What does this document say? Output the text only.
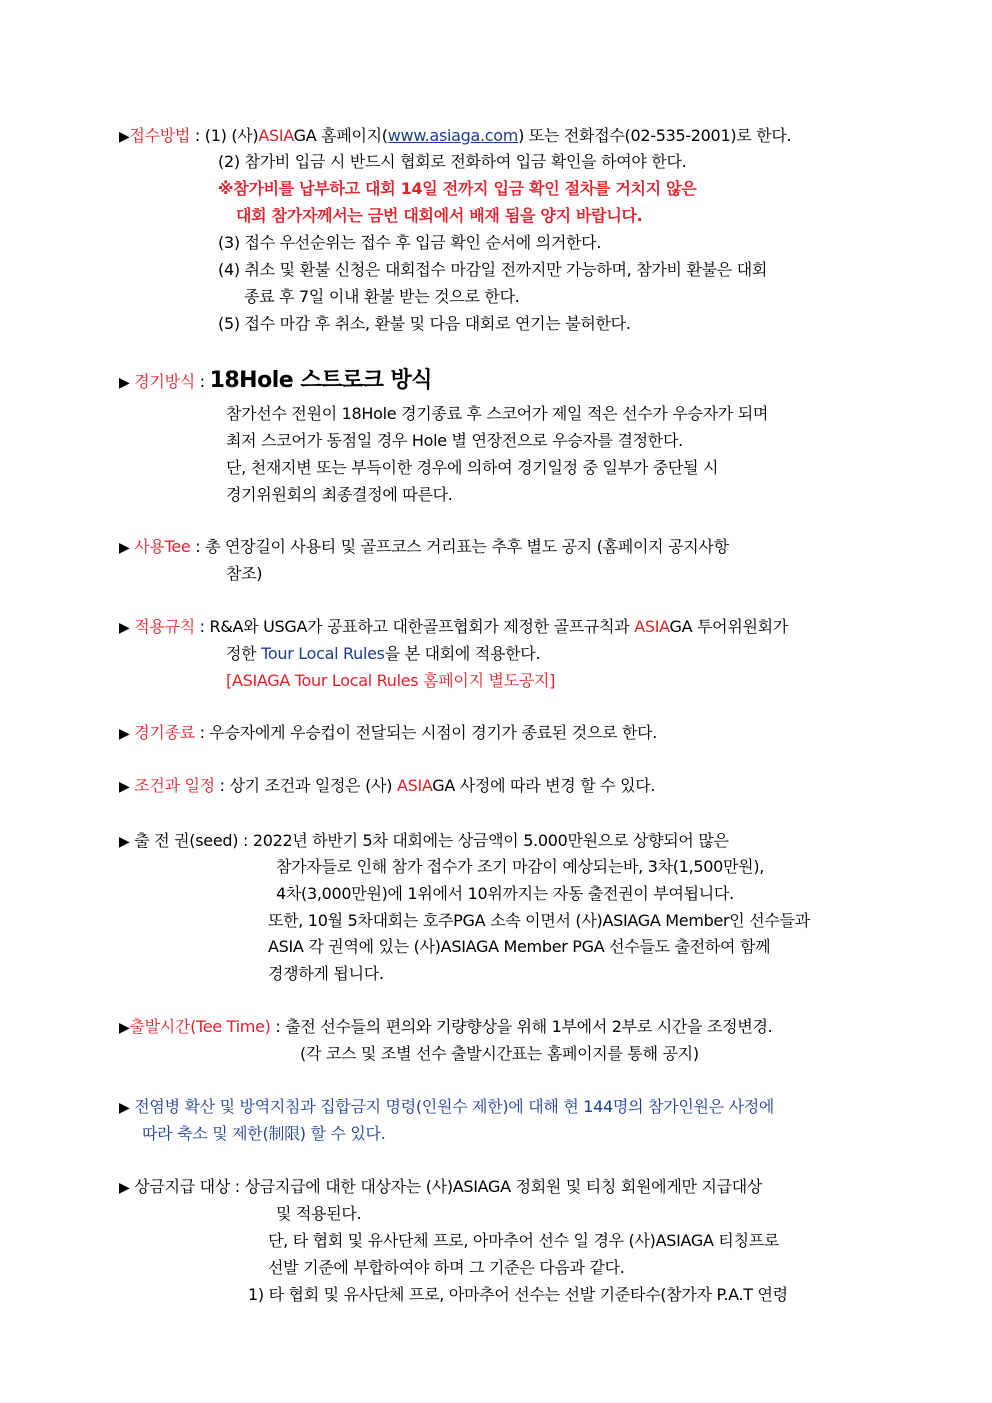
▶접수방법 : (1) (사)ASIAGA 홈페이지(www.asiaga.com) 또는 전화접수(02-535-2001)로 한다.
(2) 참가비 입금 시 반드시 협회로 전화하여 입금 확인을 하여야 한다.
※참가비를 납부하고 대회 14일 전까지 입금 확인 절차를 거치지 않은
대회 참가자께서는 금번 대회에서 배재 됨을 양지 바랍니다.
(3) 접수 우선순위는 접수 후 입금 확인 순서에 의거한다.
(4) 취소 및 환불 신청은 대회접수 마감일 전까지만 가능하며, 참가비 환불은 대회
종료 후 7일 이내 환불 받는 것으로 한다.
(5) 접수 마감 후 취소, 환불 및 다음 대회로 연기는 불허한다.
▶ 경기방식 : 18Hole 스트로크 방식
참가선수 전원이 18Hole 경기종료 후 스코어가 제일 적은 선수가 우승자가 되며
최저 스코어가 동점일 경우 Hole 별 연장전으로 우승자를 결정한다.
단, 천재지변 또는 부득이한 경우에 의하여 경기일정 중 일부가 중단될 시
경기위원회의 최종결정에 따른다.
▶ 사용Tee : 총 연장길이 사용티 및 골프코스 거리표는 추후 별도 공지 (홈페이지 공지사항
참조)
▶ 적용규칙 : R&A와 USGA가 공표하고 대한골프협회가 제정한 골프규칙과 ASIAGA 투어위원회가
정한 Tour Local Rules을 본 대회에 적용한다.
[ASIAGA Tour Local Rules 홈페이지 별도공지]
▶ 경기종료 : 우승자에게 우승컵이 전달되는 시점이 경기가 종료된 것으로 한다.
▶ 조건과 일정 : 상기 조건과 일정은 (사) ASIAGA 사정에 따라 변경 할 수 있다.
▶ 출 전 권(seed) : 2022년 하반기 5차 대회에는 상금액이 5.000만원으로 상향되어 많은
참가자들로 인해 참가 접수가 조기 마감이 예상되는바, 3차(1,500만원),
4차(3,000만원)에 1위에서 10위까지는 자동 출전권이 부여됩니다.
또한, 10월 5차대회는 호주PGA 소속 이면서 (사)ASIAGA Member인 선수들과
ASIA 각 권역에 있는 (사)ASIAGA Member PGA 선수들도 출전하여 함께
경쟁하게 됩니다.
▶출발시간(Tee Time) : 출전 선수들의 편의와 기량향상을 위해 1부에서 2부로 시간을 조정변경.
(각 코스 및 조별 선수 출발시간표는 홈페이지를 통해 공지)
▶ 전염병 확산 및 방역지침과 집합금지 명령(인원수 제한)에 대해 현 144명의 참가인원은 사정에
따라 축소 및 제한(制限) 할 수 있다.
▶ 상금지급 대상 : 상금지급에 대한 대상자는 (사)ASIAGA 정회원 및 티칭 회원에게만 지급대상
및 적용된다.
단, 타 협회 및 유사단체 프로, 아마추어 선수 일 경우 (사)ASIAGA 티칭프로
선발 기준에 부합하여야 하며 그 기준은 다음과 같다.
1) 타 협회 및 유사단체 프로, 아마추어 선수는 선발 기준타수(참가자 P.A.T 연령
